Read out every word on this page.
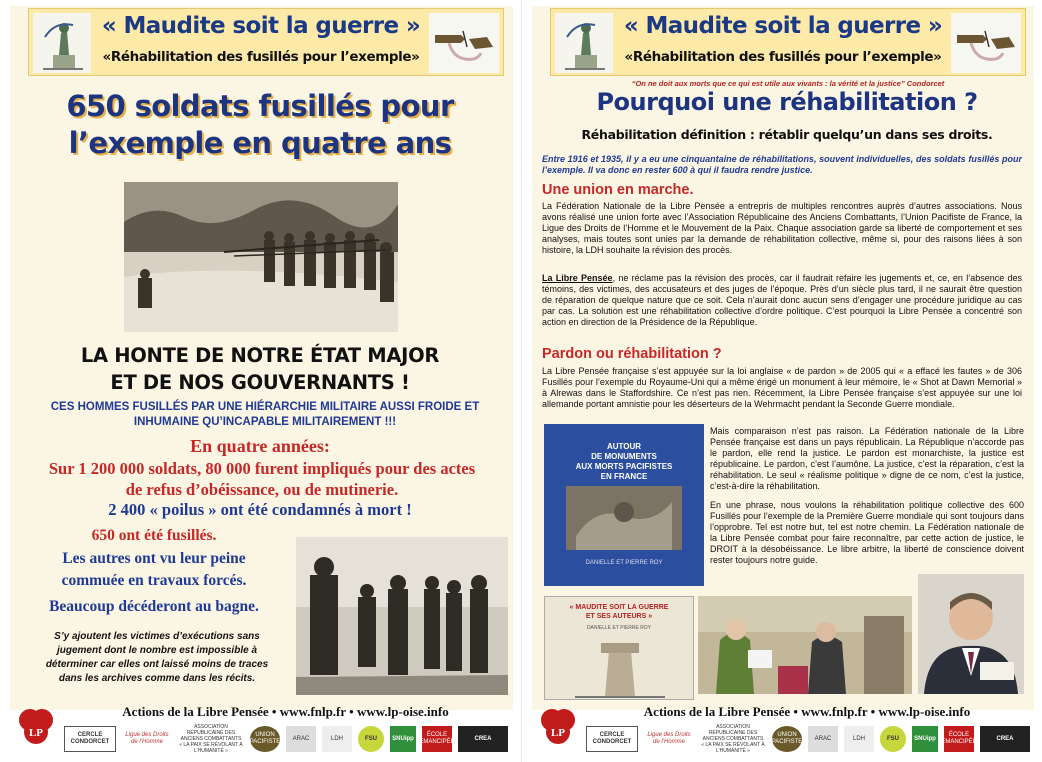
« Maudite soit la guerre »
«Réhabilitation des fusillés pour l’exemple»
650 soldats fusillés pour
l’exemple en quatre ans
LA HONTE DE NOTRE ÉTAT MAJOR
ET DE NOS GOUVERNANTS !
CES HOMMES FUSILLÉS PAR UNE HIÉRARCHIE MILITAIRE AUSSI FROIDE ET
INHUMAINE QU’INCAPABLE MILITAIREMENT !!!
En quatre années:
Sur 1 200 000 soldats, 80 000 furent impliqués pour des actes
de refus d’obéissance, ou de mutinerie.
2 400 « poilus » ont été condamnés à mort !
650 ont été fusillés.
Les autres ont vu leur peine
commuée en travaux forcés.
Beaucoup décéderont au bagne.
S’y ajoutent les victimes d’exécutions sans
jugement dont le nombre est impossible à
déterminer car elles ont laissé moins de traces
dans les archives comme dans les récits.
Actions de la Libre Pensée • www.fnlp.fr • www.lp-oise.info
LP	CERCLE CONDORCET
Ligue des Droits de l’Homme
ASSOCIATION RÉPUBLICAINE DES ANCIENS COMBATTANTS
« LA PAIX SE RÉVOLANT À L’HUMANITÉ »
UNION PACIFISTE
ARAC	LDH	FSU	SNUipp
ÉCOLE ÉMANCIPÉE
CREA
« Maudite soit la guerre »
«Réhabilitation des fusillés pour l’exemple»
“On ne doit aux morts que ce qui est utile aux vivants : la vérité et la justice” Condorcet
Pourquoi une réhabilitation ?
Réhabilitation définition : rétablir quelqu’un dans ses droits.
Entre 1916 et 1935, il y a eu une cinquantaine de réhabilitations, souvent individuelles, des soldats fusillés pour l’exemple. Il va donc en rester 600 à qui il faudra rendre justice.
Une union en marche.
La Fédération Nationale de la Libre Pensée a entrepris de multiples rencontres auprès d’autres associations. Nous avons réalisé une union forte avec l’Association Républicaine des Anciens Combattants, l’Union Pacifiste de France, la Ligue des Droits de l’Homme et le Mouvement de la Paix. Chaque association garde sa liberté de comportement et ses analyses, mais toutes sont unies par la demande de réhabilitation collective, même si, pour des raisons liées à son histoire, la LDH souhaite la révision des procès.
La Libre Pensée, ne réclame pas la révision des procès, car il faudrait refaire les jugements et, ce, en l’absence des témoins, des victimes, des accusateurs et des juges de l’époque. Près d’un siècle plus tard, il ne saurait être question de réparation de quelque nature que ce soit. Cela n’aurait donc aucun sens d’engager une procédure juridique au cas par cas. La solution est une réhabilitation collective d’ordre politique. C’est pourquoi la Libre Pensée a concentré son action en direction de la Présidence de la République.
Pardon ou réhabilitation ?
La Libre Pensée française s’est appuyée sur la loi anglaise « de pardon » de 2005 qui « a effacé les fautes » de 306 Fusillés pour l’exemple du Royaume-Uni qui a même érigé un monument à leur mémoire, le « Shot at Dawn Memorial » à Alrewas dans le Staffordshire. Ce n’est pas rien. Récemment, la Libre Pensée française s’est appuyée sur une loi allemande portant amnistie pour les déserteurs de la Wehrmacht pendant la Seconde Guerre mondiale.
AUTOUR
DE MONUMENTS
AUX MORTS PACIFISTES
EN FRANCE
DANIELLE ET PIERRE ROY
Mais comparaison n’est pas raison. La Fédération nationale de la Libre Pensée française est dans un pays républicain. La République n’accorde pas le pardon, elle rend la justice. Le pardon est monarchiste, la justice est républicaine. Le pardon, c’est l’aumône. La justice, c’est la réparation, c’est la réhabilitation. Le seul « réalisme politique » digne de ce nom, c’est la justice, c’est-à-dire la réhabilitation.
En une phrase, nous voulons la réhabilitation politique collective des 600 Fusillés pour l’exemple de la Première Guerre mondiale qui sont toujours dans l’opprobre. Tel est notre but, tel est notre chemin. La Fédération nationale de la Libre Pensée combat pour faire reconnaître, par cette action de justice, le DROIT à la désobéissance. Le libre arbitre, la liberté de conscience doivent rester toujours notre guide.
« MAUDITE SOIT LA GUERRE
ET SES AUTEURS »
DANIELLE ET PIERRE ROY
Actions de la Libre Pensée • www.fnlp.fr • www.lp-oise.info
LP	CERCLE CONDORCET
Ligue des Droits de l’Homme
ASSOCIATION RÉPUBLICAINE DES ANCIENS COMBATTANTS
« LA PAIX SE RÉVOLANT À L’HUMANITÉ »
UNION PACIFISTE
ARAC	LDH	FSU	SNUipp
ÉCOLE ÉMANCIPÉE
CREA
